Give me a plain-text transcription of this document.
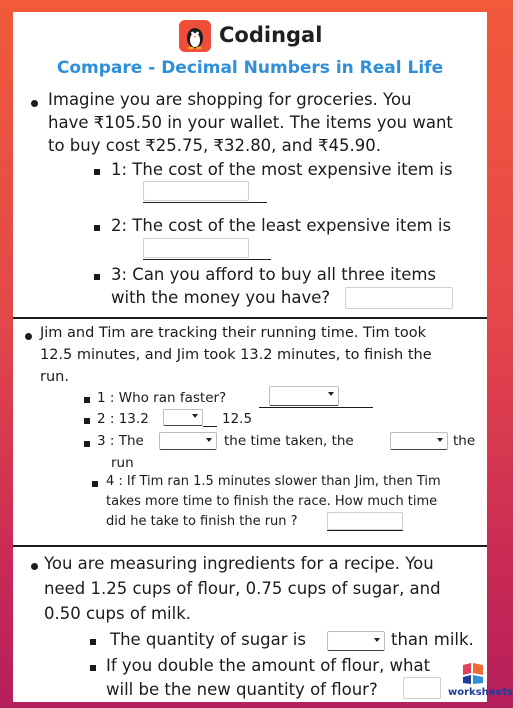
Codingal
Compare - Decimal Numbers in Real Life
Imagine you are shopping for groceries. You
have ₹105.50 in your wallet. The items you want
to buy cost ₹25.75, ₹32.80, and ₹45.90.
1: The cost of the most expensive item is
2: The cost of the least expensive item is
3: Can you afford to buy all three items
with the money you have?
Jim and Tim are tracking their running time. Tim took
12.5 minutes, and Jim took 13.2 minutes, to finish the
run.
1 : Who ran faster?
2 : 13.2	12.5
3 : The	the time taken, the	the
run
4 : If Tim ran 1.5 minutes slower than Jim, then Tim
takes more time to finish the race. How much time
did he take to finish the run ?
You are measuring ingredients for a recipe. You
need 1.25 cups of flour, 0.75 cups of sugar, and
0.50 cups of milk.
The quantity of sugar is	than milk.
If you double the amount of flour, what
will be the new quantity of flour?	worksheets
